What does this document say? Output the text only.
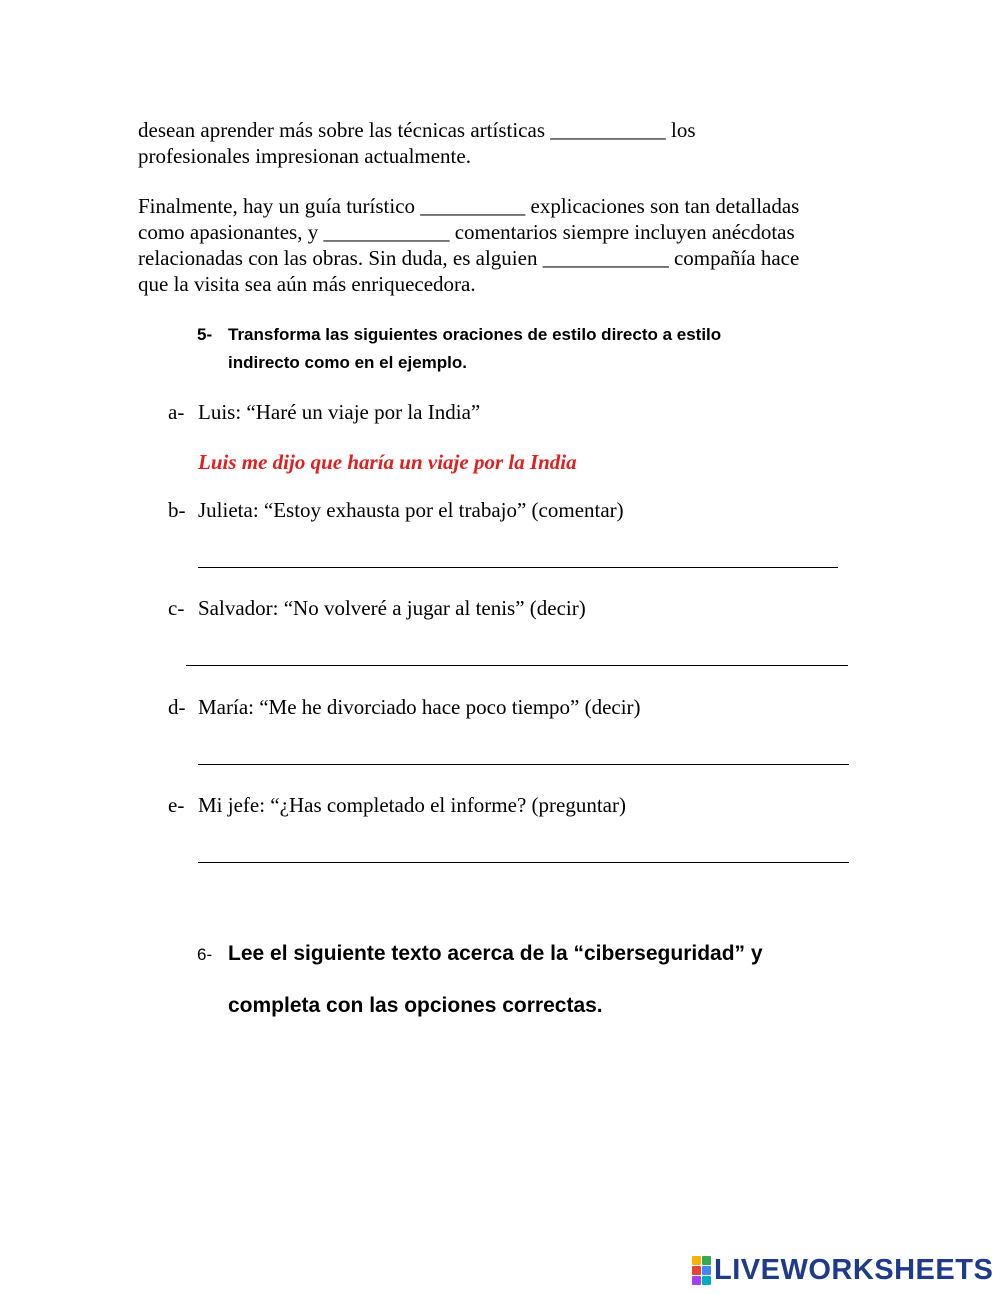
desean aprender más sobre las técnicas artísticas ___________ los
profesionales impresionan actualmente.
Finalmente, hay un guía turístico __________ explicaciones son tan detalladas
como apasionantes, y ____________ comentarios siempre incluyen anécdotas
relacionadas con las obras. Sin duda, es alguien ____________ compañía hace
que la visita sea aún más enriquecedora.
5- Transforma las siguientes oraciones de estilo directo a estilo
indirecto como en el ejemplo.
a- Luis: “Haré un viaje por la India”
Luis me dijo que haría un viaje por la India
b- Julieta: “Estoy exhausta por el trabajo” (comentar)
c- Salvador: “No volveré a jugar al tenis” (decir)
d- María: “Me he divorciado hace poco tiempo” (decir)
e- Mi jefe: “¿Has completado el informe? (preguntar)
6- Lee el siguiente texto acerca de la “ciberseguridad” y
completa con las opciones correctas.
LIVEWORKSHEETS
